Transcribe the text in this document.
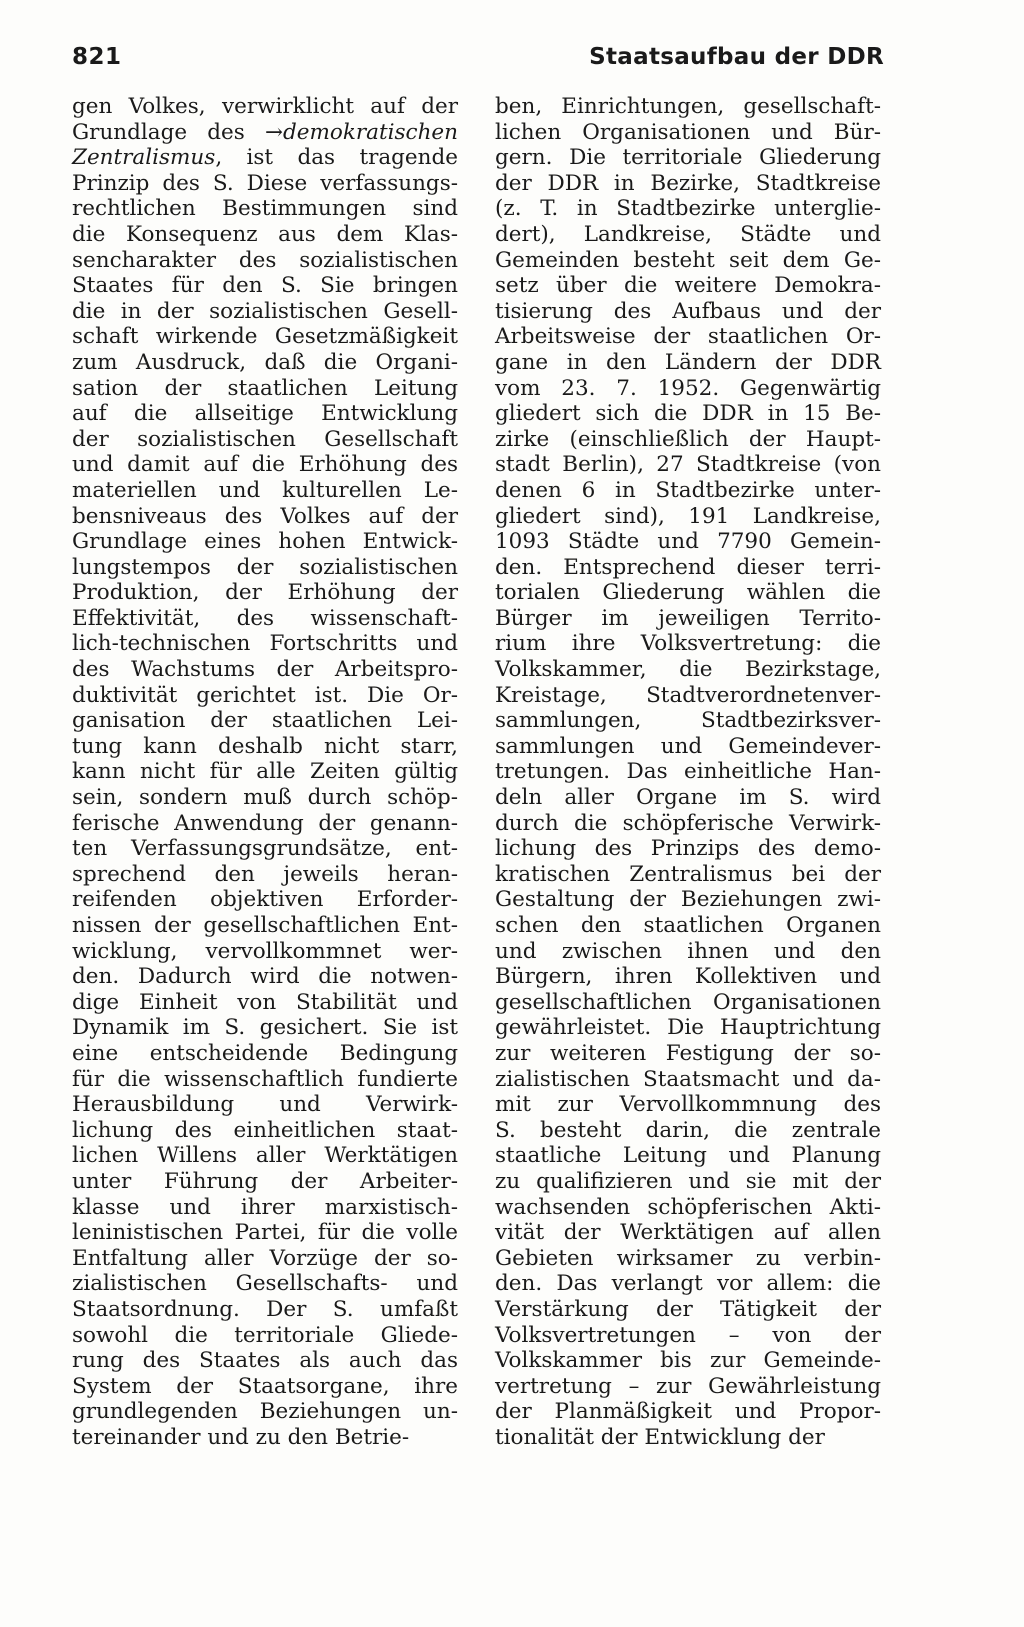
821	Staatsaufbau der DDR
gen Volkes, verwirklicht auf der
Grundlage des →demokratischen
Zentralismus, ist das tragende
Prinzip des S. Diese verfassungs-
rechtlichen Bestimmungen sind
die Konsequenz aus dem Klas-
sencharakter des sozialistischen
Staates für den S. Sie bringen
die in der sozialistischen Gesell-
schaft wirkende Gesetzmäßigkeit
zum Ausdruck, daß die Organi-
sation der staatlichen Leitung
auf die allseitige Entwicklung
der sozialistischen Gesellschaft
und damit auf die Erhöhung des
materiellen und kulturellen Le-
bensniveaus des Volkes auf der
Grundlage eines hohen Entwick-
lungstempos der sozialistischen
Produktion, der Erhöhung der
Effektivität, des wissenschaft-
lich-technischen Fortschritts und
des Wachstums der Arbeitspro-
duktivität gerichtet ist. Die Or-
ganisation der staatlichen Lei-
tung kann deshalb nicht starr,
kann nicht für alle Zeiten gültig
sein, sondern muß durch schöp-
ferische Anwendung der genann-
ten Verfassungsgrundsätze, ent-
sprechend den jeweils heran-
reifenden objektiven Erforder-
nissen der gesellschaftlichen Ent-
wicklung, vervollkommnet wer-
den. Dadurch wird die notwen-
dige Einheit von Stabilität und
Dynamik im S. gesichert. Sie ist
eine entscheidende Bedingung
für die wissenschaftlich fundierte
Herausbildung und Verwirk-
lichung des einheitlichen staat-
lichen Willens aller Werktätigen
unter Führung der Arbeiter-
klasse und ihrer marxistisch-
leninistischen Partei, für die volle
Entfaltung aller Vorzüge der so-
zialistischen Gesellschafts- und
Staatsordnung. Der S. umfaßt
sowohl die territoriale Gliede-
rung des Staates als auch das
System der Staatsorgane, ihre
grundlegenden Beziehungen un-
tereinander und zu den Betrie-
ben, Einrichtungen, gesellschaft-
lichen Organisationen und Bür-
gern. Die territoriale Gliederung
der DDR in Bezirke, Stadtkreise
(z. T. in Stadtbezirke unterglie-
dert), Landkreise, Städte und
Gemeinden besteht seit dem Ge-
setz über die weitere Demokra-
tisierung des Aufbaus und der
Arbeitsweise der staatlichen Or-
gane in den Ländern der DDR
vom 23. 7. 1952. Gegenwärtig
gliedert sich die DDR in 15 Be-
zirke (einschließlich der Haupt-
stadt Berlin), 27 Stadtkreise (von
denen 6 in Stadtbezirke unter-
gliedert sind), 191 Landkreise,
1093 Städte und 7790 Gemein-
den. Entsprechend dieser terri-
torialen Gliederung wählen die
Bürger im jeweiligen Territo-
rium ihre Volksvertretung: die
Volkskammer, die Bezirkstage,
Kreistage, Stadtverordnetenver-
sammlungen, Stadtbezirksver-
sammlungen und Gemeindever-
tretungen. Das einheitliche Han-
deln aller Organe im S. wird
durch die schöpferische Verwirk-
lichung des Prinzips des demo-
kratischen Zentralismus bei der
Gestaltung der Beziehungen zwi-
schen den staatlichen Organen
und zwischen ihnen und den
Bürgern, ihren Kollektiven und
gesellschaftlichen Organisationen
gewährleistet. Die Hauptrichtung
zur weiteren Festigung der so-
zialistischen Staatsmacht und da-
mit zur Vervollkommnung des
S. besteht darin, die zentrale
staatliche Leitung und Planung
zu qualifizieren und sie mit der
wachsenden schöpferischen Akti-
vität der Werktätigen auf allen
Gebieten wirksamer zu verbin-
den. Das verlangt vor allem: die
Verstärkung der Tätigkeit der
Volksvertretungen – von der
Volkskammer bis zur Gemeinde-
vertretung – zur Gewährleistung
der Planmäßigkeit und Propor-
tionalität der Entwicklung der
